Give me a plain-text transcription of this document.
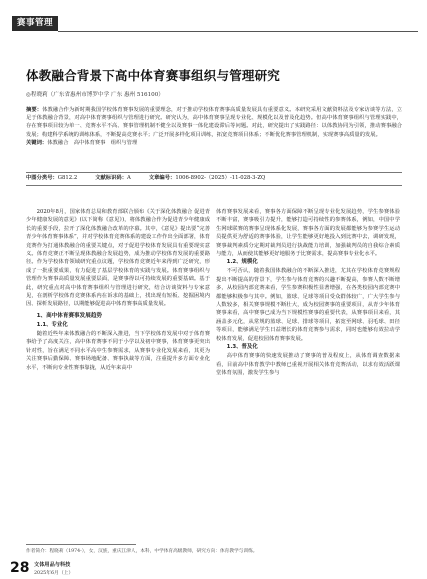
赛事管理
体教融合背景下高中体育赛事组织与管理研究
◎程晓莉（广东省惠州市博罗中学 广东 惠州 516100）
摘要：体教融合作为新时期我国学校体育赛事发展的重要理念，对于推动学校体育赛事高质量发展具有重要意义。本研究采用文献资料法及专家访谈等方法，立足于体教融合背景，对高中体育赛事组织与管理进行研究。研究认为，高中体育赛事呈现专业化、规模化以及普及化趋势。但高中体育赛事组织与管理实践中，存在赛事项目较为单一、竞赛水平不高、赛事管理机制不健全以及赛事一体化建设滞后等问题。对此，研究提出了实践路径：以体教协同为引领，推动赛事融合发展；构建科学系统的训练体系，不断提高竞赛水平；广泛开展多样化项目训练，拓宽竞赛项目体系；不断优化赛事管理机制，实现赛事高质量的发展。
关键词：体教融合　高中体育赛事　组织与管理
中图分类号：G812.2	文献标识码：A	文章编号：1006-8902-（2025）-11-028-3-ZQ

2020年8月，国家体育总局和教育部联合颁布《关于深化体教融合 促进青少年健康发展的意见》(以下简称《意见》)，将体教融合作为促进青少年健康成长的重要手段，拉开了深化体教融合改革的序幕。其中，《意见》提出要“完善青少年体育赛事体系”，并对学校体育竞赛体系的建设工作作出全面部署，体育竞赛作为打通体教融合的重要关键点，对于促进学校体育发展具有重要现实意义。体育竞赛正不断呈现体教融合发展趋势，成为推动学校体育发展的重要路径。作为学校体育领域研究重点议题，学校体育竞赛近年来得到广泛研究，形成了一批重要成果，有力促进了基层学校体育的实践与发展。体育赛事组织与管理作为赛事高质量发展重要层面，是赛事得以可持续发展的重要基础。基于此，研究重点对高中体育赛事组织与管理进行研究，结合访谈资料与专家意见，在剖析学校体育竞赛体系内在诉求的基础上，找出现有短板、挖掘困境内因、探析发展路径，以期能够促进高中体育赛事高质量发展。

1、高中体育赛事发展趋势
1.1、专业化

随着近些年来体教融合的不断深入推进，当下学校体育发展中对于体育赛事给予了高度关注，高中体育赛事不同于小学以及初中赛事，体育赛事更突出针对性，旨在满足不同水平高中生参赛需求，从赛事专业化发展来看，其更为关注赛事后勤保障、赛事场地配备、赛事执裁等方面，注重提升多方面专业化水平，不断向专业性赛事靠拢，从近年来高中

体育赛事发展来看，赛事各方面保障不断呈现专业化发展趋势，学生参赛体验不断丰富，赛事吸引力提升，能够打造可持续性的参赛体系，例如，中国中学生网球联赛的赛事呈现体系化发展，赛事各方面的发展都能够为参赛学生运动员提供更为舒适的赛事体验，让学生能够更好地投入到比赛中去，调研发现，赛事裁判素质分定期对裁判员进行执裁能力培训，加强裁判员的自我综合素质与能力，从而使其能够更好地服务于比赛需求，提高赛事专业化水平。

1.2、规模化

不可否认，随着我国体教融合的不断深入推进，尤其在学校体育竞赛规程提出不断提高的背景下，学生参与体育竞赛的兴趣不断提高，参赛人数不断增多，从校园内部竞赛来看，学生参赛积极性显著增强，在各类校园内部竞赛中都能够积极参与其中。例如，篮球、足球等项目受众群体较广，广大学生参与人数较多，相关赛事规模不断壮大，成为校园赛事的重要项目，从青少年体育赛事来看，高中赛事已成为当下规模性赛事的重要代表，从赛事项目来看，其涵盖多元化，从常规的篮球、足球、排球等项目，拓宽至网球、羽毛球、田径等项目，能够满足学生日益增长的体育竞赛参与需求，同时也能够有效拉动学校体育发展，促进校园体育赛事发展。

1.3、普及化

高中体育赛事的快速发展推动了赛事的普及程度上，从体育调查数据来看，目前高中体育教学中教师已重视开展相关体育竞赛活动，以求有效活跃课堂体育氛围，激发学生参与

作者简介：程晓莉（1974-），女，汉族，重庆江津人，本科，中学体育高级教师，研究方向：体育教学与训练。
28 文体用品与科技
2025年6月（上）
